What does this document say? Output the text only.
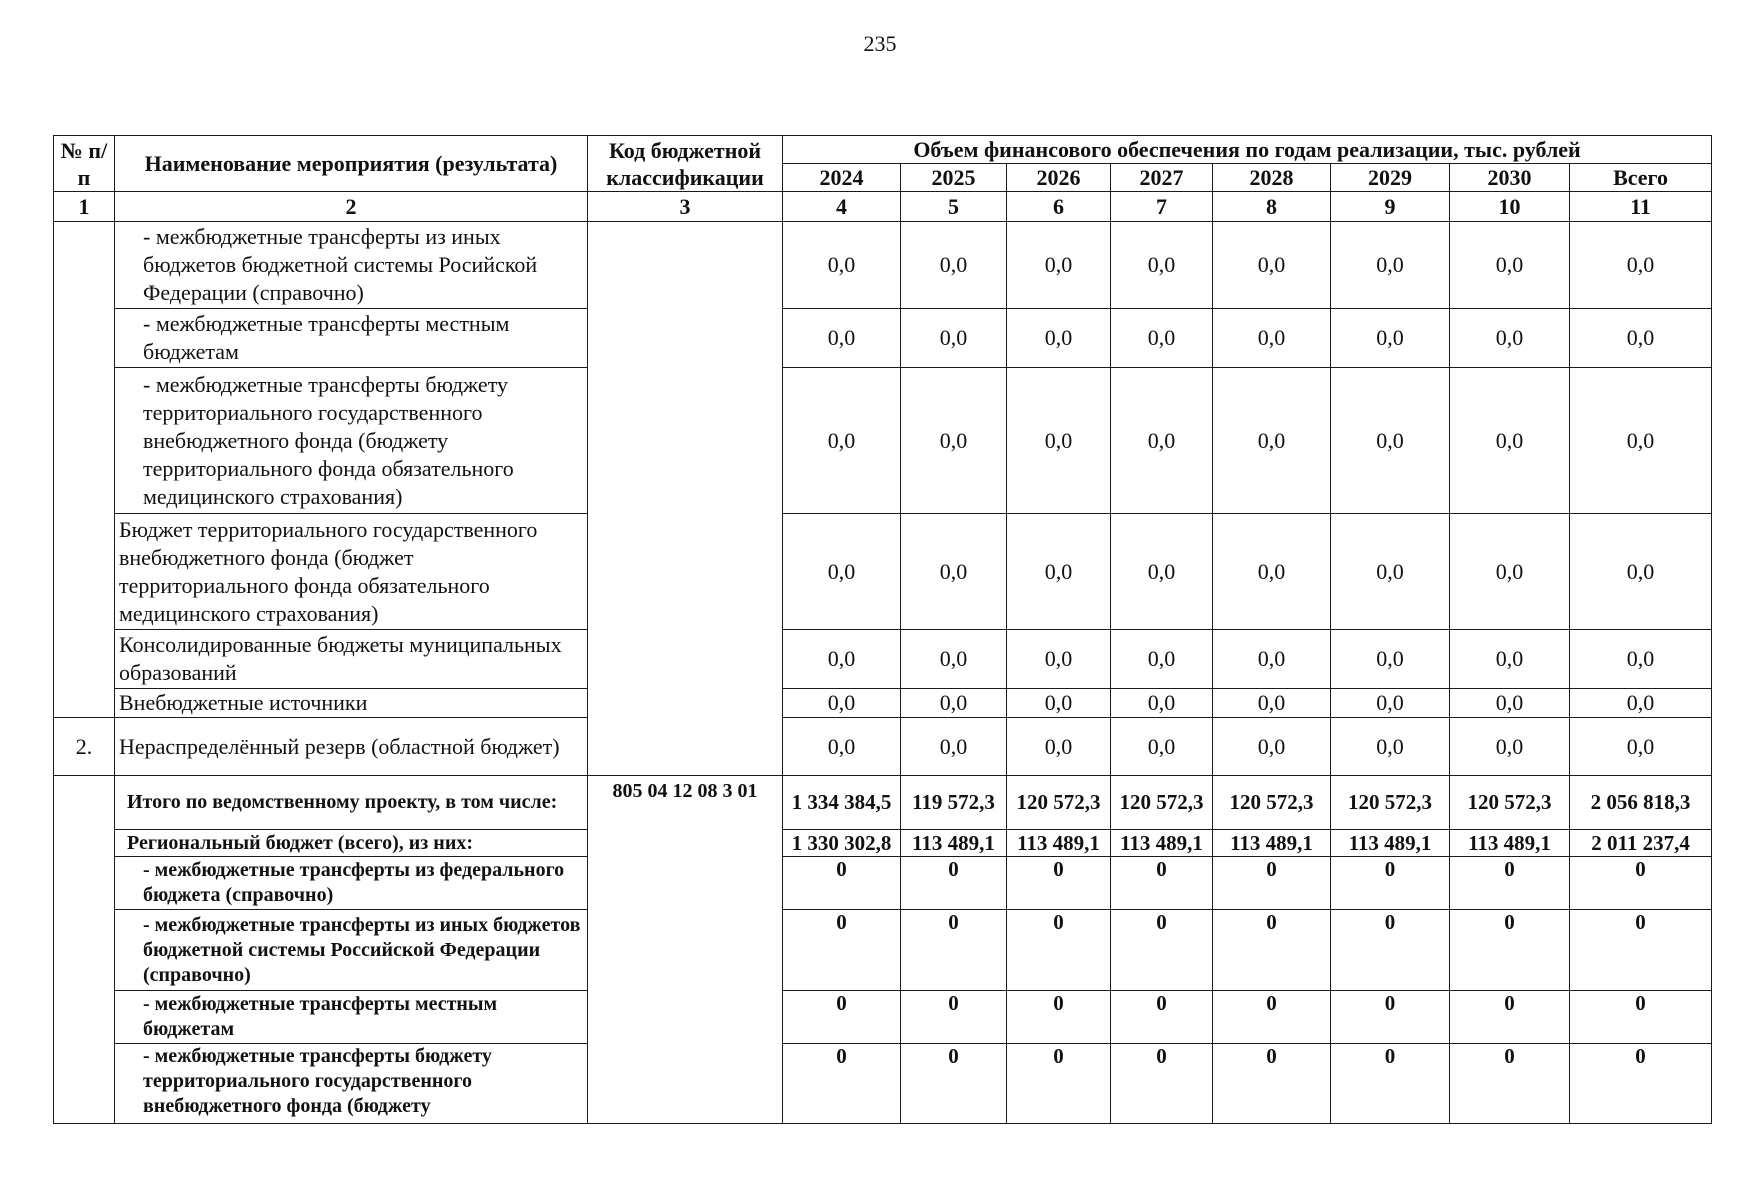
235
№ п/п	Наименование мероприятия (результата)	Код бюджетной классификации	Объем финансового обеспечения по годам реализации, тыс. рублей							
			2024	2025	2026	2027	2028	2029	2030	Всего
1	2	3	4	5	6	7	8	9	10	11
	- межбюджетные трансферты из иных бюджетов бюджетной системы Росийской Федерации (справочно)		0,0	0,0	0,0	0,0	0,0	0,0	0,0	0,0
	- межбюджетные трансферты местным бюджетам		0,0	0,0	0,0	0,0	0,0	0,0	0,0	0,0
	- межбюджетные трансферты бюджету территориального государственного внебюджетного фонда (бюджету территориального фонда обязательного медицинского страхования)		0,0	0,0	0,0	0,0	0,0	0,0	0,0	0,0
	Бюджет территориального государственного внебюджетного фонда (бюджет территориального фонда обязательного медицинского страхования)		0,0	0,0	0,0	0,0	0,0	0,0	0,0	0,0
	Консолидированные бюджеты муниципальных образований		0,0	0,0	0,0	0,0	0,0	0,0	0,0	0,0
	Внебюджетные источники		0,0	0,0	0,0	0,0	0,0	0,0	0,0	0,0
2.	Нераспределённый резерв (областной бюджет)		0,0	0,0	0,0	0,0	0,0	0,0	0,0	0,0
	Итого по ведомственному проекту, в том числе:	805 04 12 08 3 01	1 334 384,5	119 572,3	120 572,3	120 572,3	120 572,3	120 572,3	120 572,3	2 056 818,3
	Региональный бюджет (всего), из них:		1 330 302,8	113 489,1	113 489,1	113 489,1	113 489,1	113 489,1	113 489,1	2 011 237,4
	- межбюджетные трансферты из федерального бюджета (справочно)		0	0	0	0	0	0	0	0
	- межбюджетные трансферты из иных бюджетов бюджетной системы Российской Федерации (справочно)		0	0	0	0	0	0	0	0
	- межбюджетные трансферты местным бюджетам		0	0	0	0	0	0	0	0
	- межбюджетные трансферты бюджету территориального государственного внебюджетного фонда (бюджету		0	0	0	0	0	0	0	0
